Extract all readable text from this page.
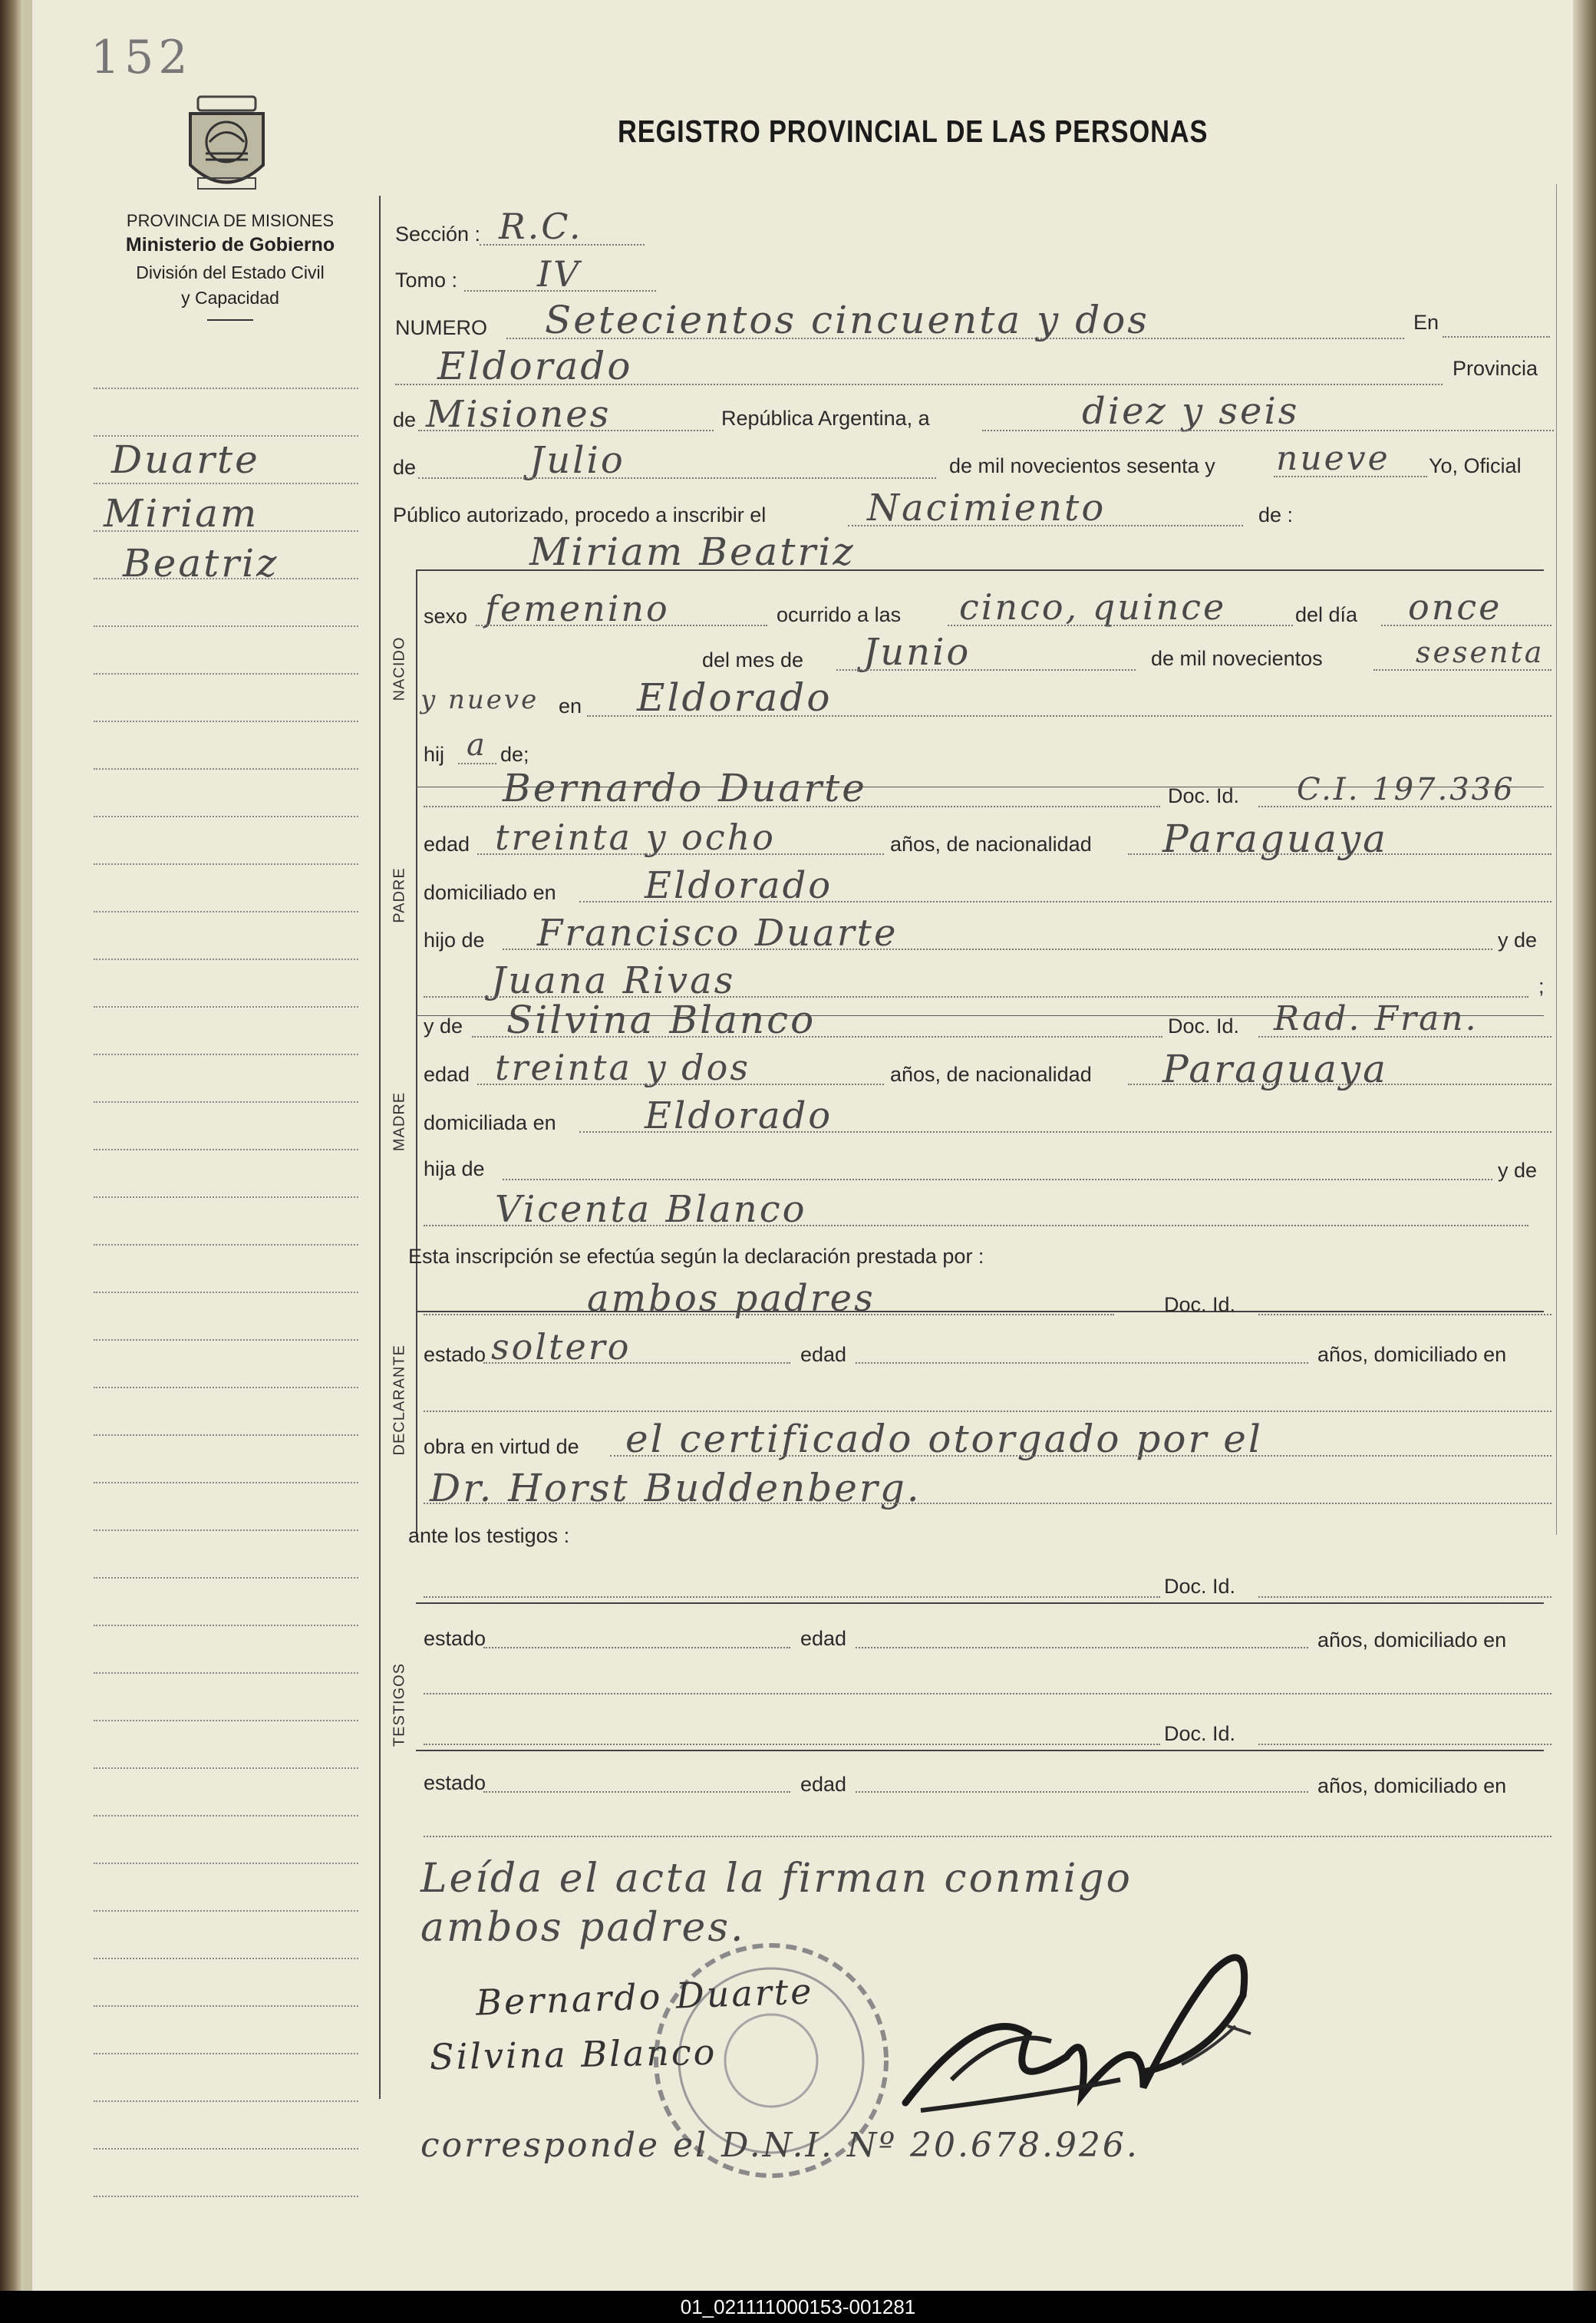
152
REGISTRO PROVINCIAL DE LAS PERSONAS
PROVINCIA DE MISIONES
Ministerio de Gobierno
División del Estado Civil
y Capacidad
Duarte
Miriam
Beatriz
Sección : R.C.
Tomo : IV
NUMERO Setecientos cincuenta y dos	En
Eldorado	Provincia
de Misiones	República Argentina, a	diez y seis
de	Julio	de mil novecientos sesenta y nueve Yo, Oficial
Público autorizado, procedo a inscribir el	Nacimiento	de :
Miriam Beatriz
NACIDO
sexo femenino	ocurrido a las cinco, quince	del día once
del mes de Junio	de mil novecientos	sesenta
y nueve en Eldorado
hij a de;
PADRE
Bernardo Duarte	Doc. Id. C.I. 197.336
edad treinta y ocho	años, de nacionalidad Paraguaya
domiciliado en Eldorado
hijo de Francisco Duarte	y de
Juana Rivas	;
MADRE
y de Silvina Blanco	Doc. Id. Rad. Fran.
edad treinta y dos	años, de nacionalidad Paraguaya
domiciliada en Eldorado
hija de	y de
Vicenta Blanco
Esta inscripción se efectúa según la declaración prestada por :
DECLARANTE
ambos padres	Doc. Id.
estado soltero	edad	años, domiciliado en
obra en virtud de el certificado otorgado por el
Dr. Horst Buddenberg.
ante los testigos :
TESTIGOS
Doc. Id.
estado	edad	años, domiciliado en
Doc. Id.
estado	edad	años, domiciliado en
Leída el acta la firman conmigo
ambos padres.
Bernardo Duarte
Silvina Blanco
corresponde el D.N.I. Nº 20.678.926.
01_021111000153-001281
